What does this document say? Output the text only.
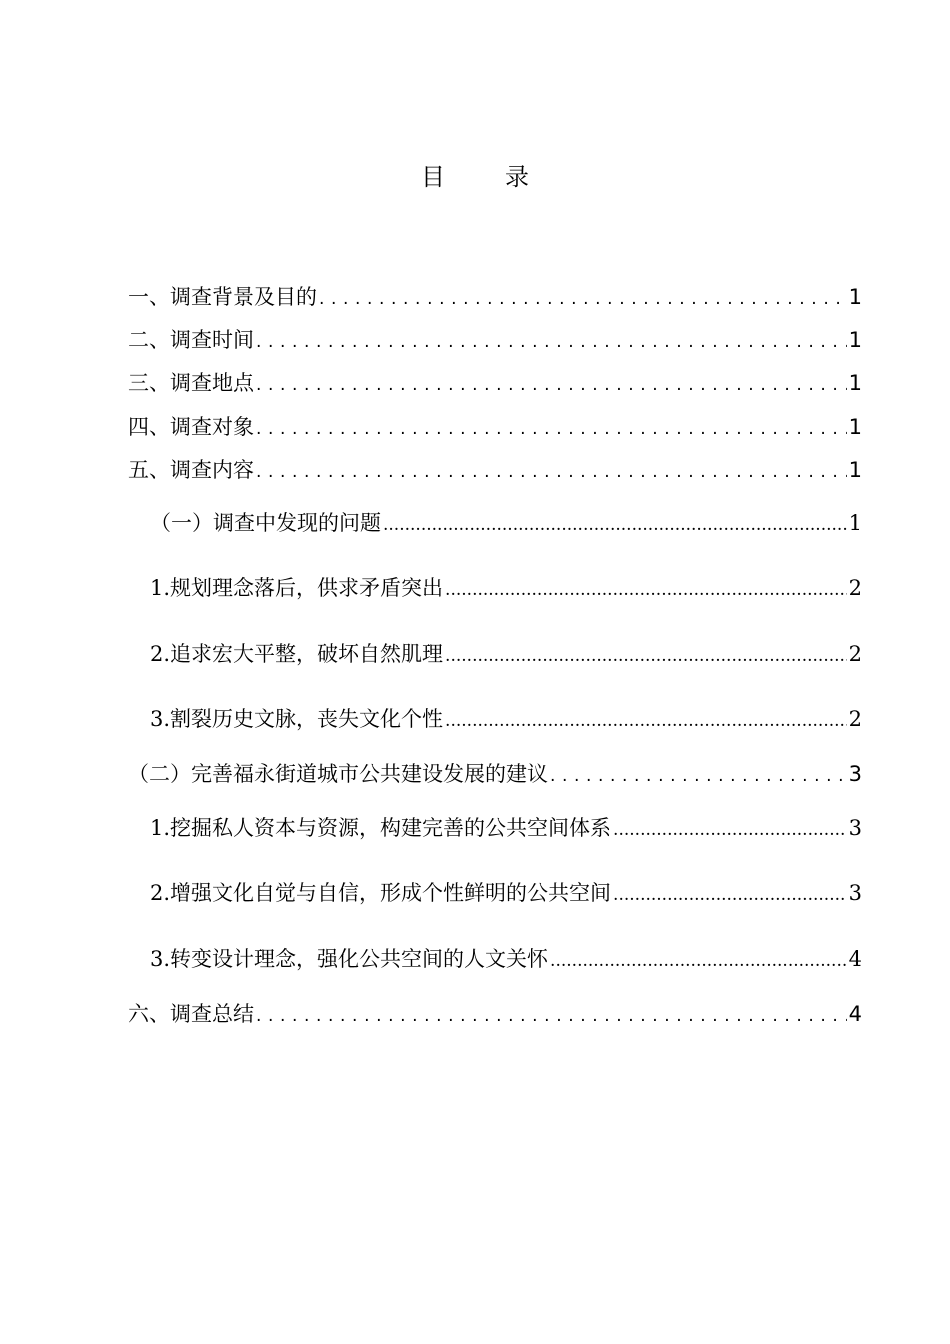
目　录
一、调查背景及目的 . . .	1
二、调查时间 . . .	1
三、调查地点 . . .	1
四、调查对象 . . .	1
五、调查内容 . . .	1
（一）调查中发现的问题 .....	1
1.规划理念落后，供求矛盾突出 .....	2
2.追求宏大平整，破坏自然肌理 .....	2
3.割裂历史文脉，丧失文化个性 .....	2
（二）完善福永街道城市公共建设发展的建议 . . .	3
1.挖掘私人资本与资源，构建完善的公共空间体系 .....	3
2.增强文化自觉与自信，形成个性鲜明的公共空间 .....	3
3.转变设计理念，强化公共空间的人文关怀 .....	4
六、调查总结 . . .	4
